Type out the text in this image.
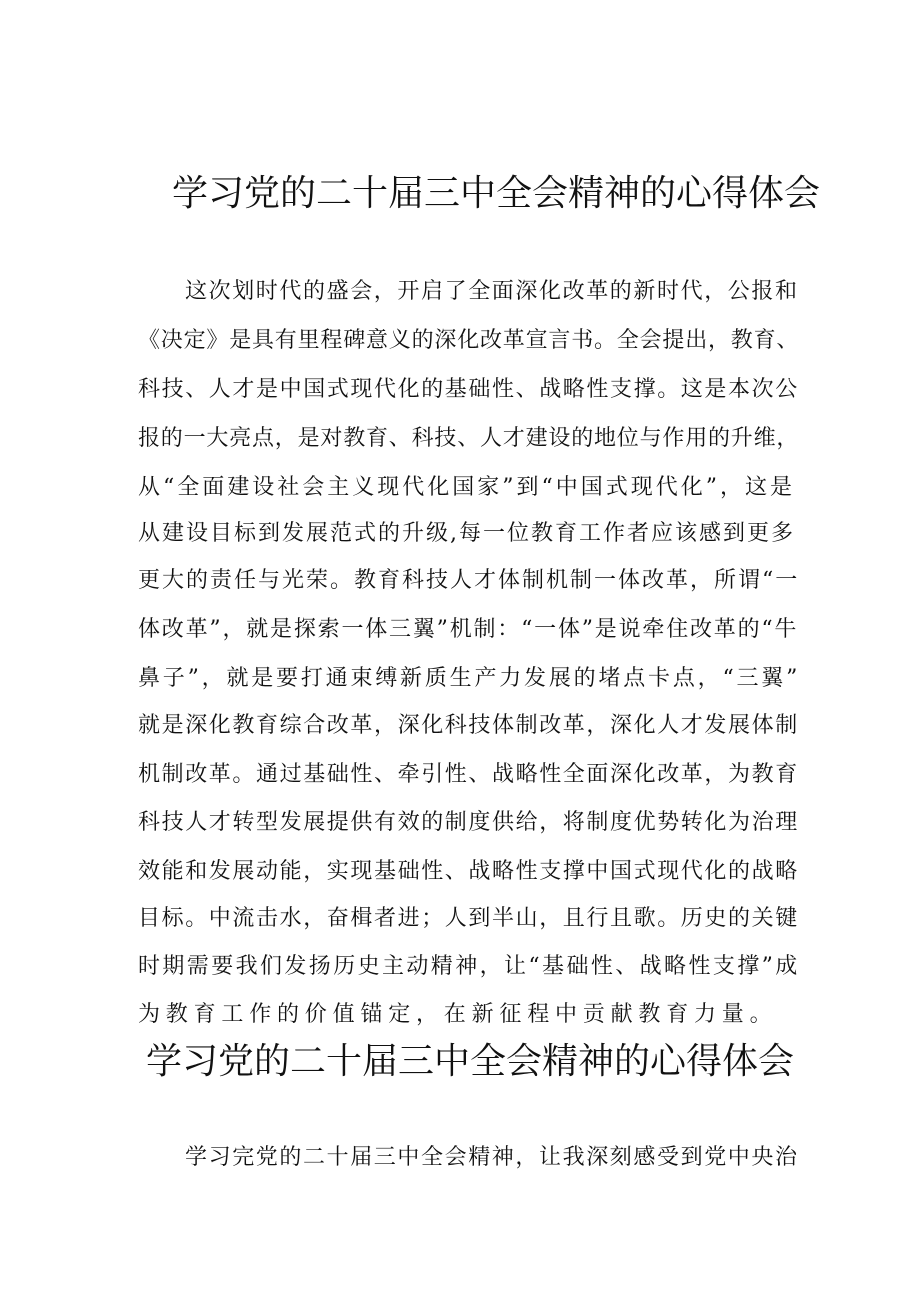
学习党的二十届三中全会精神的心得体会
这次划时代的盛会，开启了全面深化改革的新时代，公报和
《决定》是具有里程碑意义的深化改革宣言书。全会提出，教育、
科技、人才是中国式现代化的基础性、战略性支撑。这是本次公
报的一大亮点，是对教育、科技、人才建设的地位与作用的升维，
从“全面建设社会主义现代化国家”到“中国式现代化”，这是
从建设目标到发展范式的升级,每一位教育工作者应该感到更多
更大的责任与光荣。教育科技人才体制机制一体改革，所谓“一
体改革”，就是探索一体三翼”机制：“一体”是说牵住改革的“牛
鼻子”，就是要打通束缚新质生产力发展的堵点卡点，“三翼”
就是深化教育综合改革，深化科技体制改革，深化人才发展体制
机制改革。通过基础性、牵引性、战略性全面深化改革，为教育
科技人才转型发展提供有效的制度供给，将制度优势转化为治理
效能和发展动能，实现基础性、战略性支撑中国式现代化的战略
目标。中流击水，奋楫者进；人到半山，且行且歌。历史的关键
时期需要我们发扬历史主动精神，让“基础性、战略性支撑”成
为教育工作的价值锚定，在新征程中贡献教育力量。
学习党的二十届三中全会精神的心得体会
学习完党的二十届三中全会精神，让我深刻感受到党中央治
